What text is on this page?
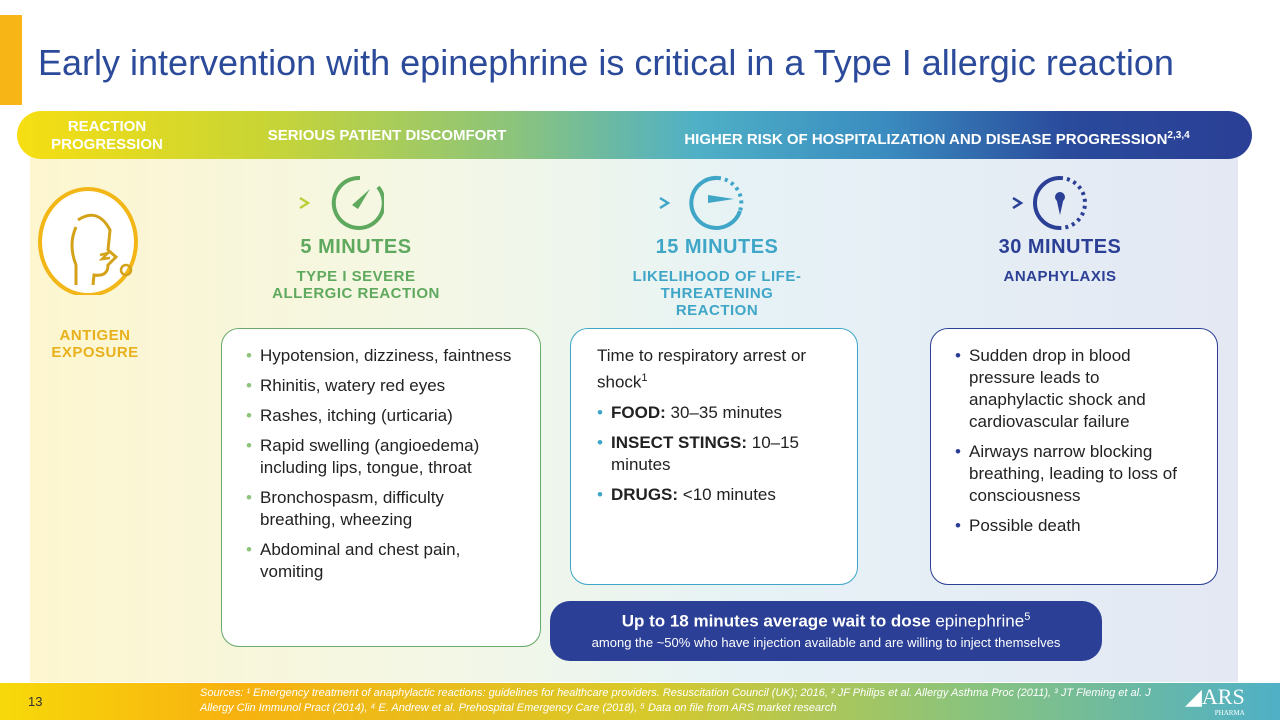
Early intervention with epinephrine is critical in a Type I allergic reaction
REACTION PROGRESSION
SERIOUS PATIENT DISCOMFORT	HIGHER RISK OF HOSPITALIZATION AND DISEASE PROGRESSION$^{2,3,4}$
ANTIGEN EXPOSURE
5 MINUTES
TYPE I SEVERE ALLERGIC REACTION
15 MINUTES
LIKELIHOOD OF LIFE-THREATENING REACTION
30 MINUTES
ANAPHYLAXIS
• Hypotension, dizziness, faintness
• Rhinitis, watery red eyes
• Rashes, itching (urticaria)
• Rapid swelling (angioedema) including lips, tongue, throat
• Bronchospasm, difficulty breathing, wheezing
• Abdominal and chest pain, vomiting
Time to respiratory arrest or shock$^1$
• FOOD: 30–35 minutes
• INSECT STINGS: 10–15 minutes
• DRUGS: <10 minutes
• Sudden drop in blood pressure leads to anaphylactic shock and cardiovascular failure
• Airways narrow blocking breathing, leading to loss of consciousness
• Possible death
Up to 18 minutes average wait to dose epinephrine$^5$
among the ~50% who have injection available and are willing to inject themselves
13
Sources: ¹ Emergency treatment of anaphylactic reactions: guidelines for healthcare providers. Resuscitation Council (UK); 2016, ² JF Philips et al. Allergy Asthma Proc (2011), ³ JT Fleming et al. J Allergy Clin Immunol Pract (2014), ⁴ E. Andrew et al. Prehospital Emergency Care (2018), ⁵ Data on file from ARS market research	◢ARS
PHARMA
